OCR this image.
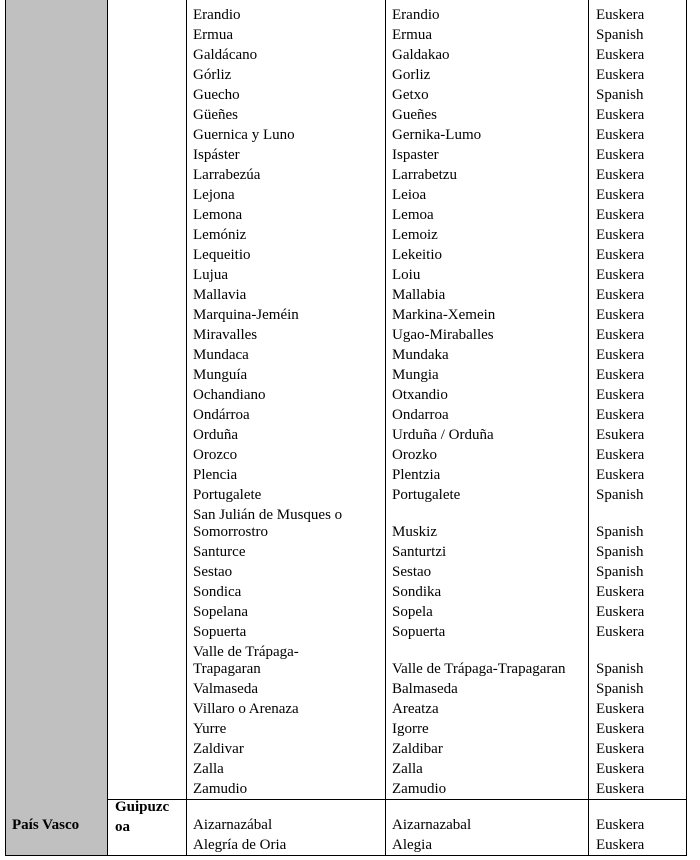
País Vasco
Guipuzc
oa
Erandio	Erandio	Euskera
Ermua	Ermua	Spanish
Galdácano	Galdakao	Euskera
Górliz	Gorliz	Euskera
Guecho	Getxo	Spanish
Güeñes	Gueñes	Euskera
Guernica y Luno	Gernika-Lumo	Euskera
Ispáster	Ispaster	Euskera
Larrabezúa	Larrabetzu	Euskera
Lejona	Leioa	Euskera
Lemona	Lemoa	Euskera
Lemóniz	Lemoiz	Euskera
Lequeitio	Lekeitio	Euskera
Lujua	Loiu	Euskera
Mallavia	Mallabia	Euskera
Marquina-Jeméin	Markina-Xemein	Euskera
Miravalles	Ugao-Miraballes	Euskera
Mundaca	Mundaka	Euskera
Munguía	Mungia	Euskera
Ochandiano	Otxandio	Euskera
Ondárroa	Ondarroa	Euskera
Orduña	Urduña / Orduña	Esukera
Orozco	Orozko	Euskera
Plencia	Plentzia	Euskera
Portugalete	Portugalete	Spanish
San Julián de Musques o
Somorrostro	Muskiz	Spanish
Santurce	Santurtzi	Spanish
Sestao	Sestao	Spanish
Sondica	Sondika	Euskera
Sopelana	Sopela	Euskera
Sopuerta	Sopuerta	Euskera
Valle de Trápaga-
Trapagaran	Valle de Trápaga-Trapagaran Spanish
Valmaseda	Balmaseda	Spanish
Villaro o Arenaza	Areatza	Euskera
Yurre	Igorre	Euskera
Zaldivar	Zaldibar	Euskera
Zalla	Zalla	Euskera
Zamudio	Zamudio	Euskera
Aizarnazábal	Aizarnazabal	Euskera
Alegría de Oria	Alegia	Euskera
